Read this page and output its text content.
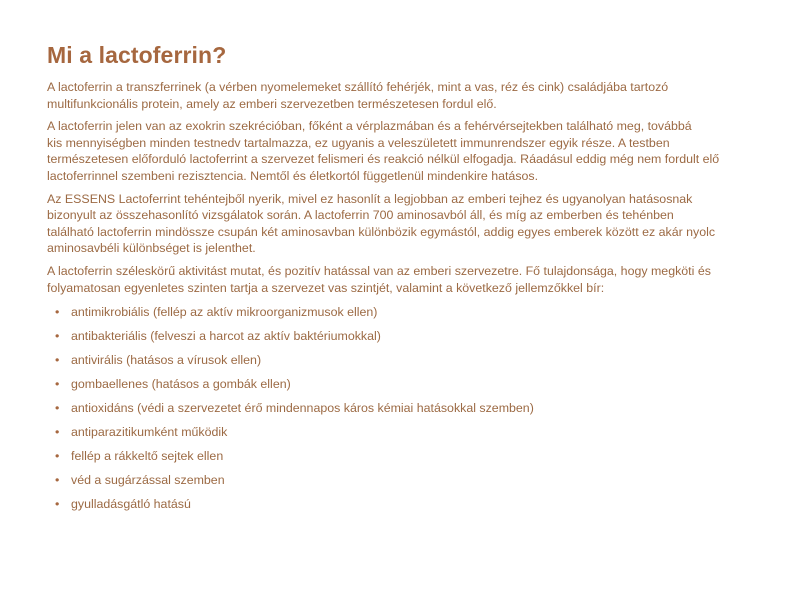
Mi a lactoferrin?

A lactoferrin a transzferrinek (a vérben nyomelemeket szállító fehérjék, mint a vas, réz és cink) családjába tartozó
multifunkcionális protein, amely az emberi szervezetben természetesen fordul elő.

A lactoferrin jelen van az exokrin szekrécióban, főként a vérplazmában és a fehérvérsejtekben található meg, továbbá
kis mennyiségben minden testnedv tartalmazza, ez ugyanis a veleszületett immunrendszer egyik része. A testben
természetesen előforduló lactoferrint a szervezet felismeri és reakció nélkül elfogadja. Ráadásul eddig még nem fordult elő
lactoferrinnel szembeni rezisztencia. Nemtől és életkortól függetlenül mindenkire hatásos.

Az ESSENS Lactoferrint tehéntejből nyerik, mivel ez hasonlít a legjobban az emberi tejhez és ugyanolyan hatásosnak
bizonyult az összehasonlító vizsgálatok során. A lactoferrin 700 aminosavból áll, és míg az emberben és tehénben
található lactoferrin mindössze csupán két aminosavban különbözik egymástól, addig egyes emberek között ez akár nyolc
aminosavbéli különbséget is jelenthet.

A lactoferrin széleskörű aktivitást mutat, és pozitív hatással van az emberi szervezetre. Fő tulajdonsága, hogy megköti és
folyamatosan egyenletes szinten tartja a szervezet vas szintjét, valamint a következő jellemzőkkel bír:

• antimikrobiális (fellép az aktív mikroorganizmusok ellen)
• antibakteriális (felveszi a harcot az aktív baktériumokkal)
• antivirális (hatásos a vírusok ellen)
• gombaellenes (hatásos a gombák ellen)
• antioxidáns (védi a szervezetet érő mindennapos káros kémiai hatásokkal szemben)
• antiparazitikumként működik
• fellép a rákkeltő sejtek ellen
• véd a sugárzással szemben
• gyulladásgátló hatású
